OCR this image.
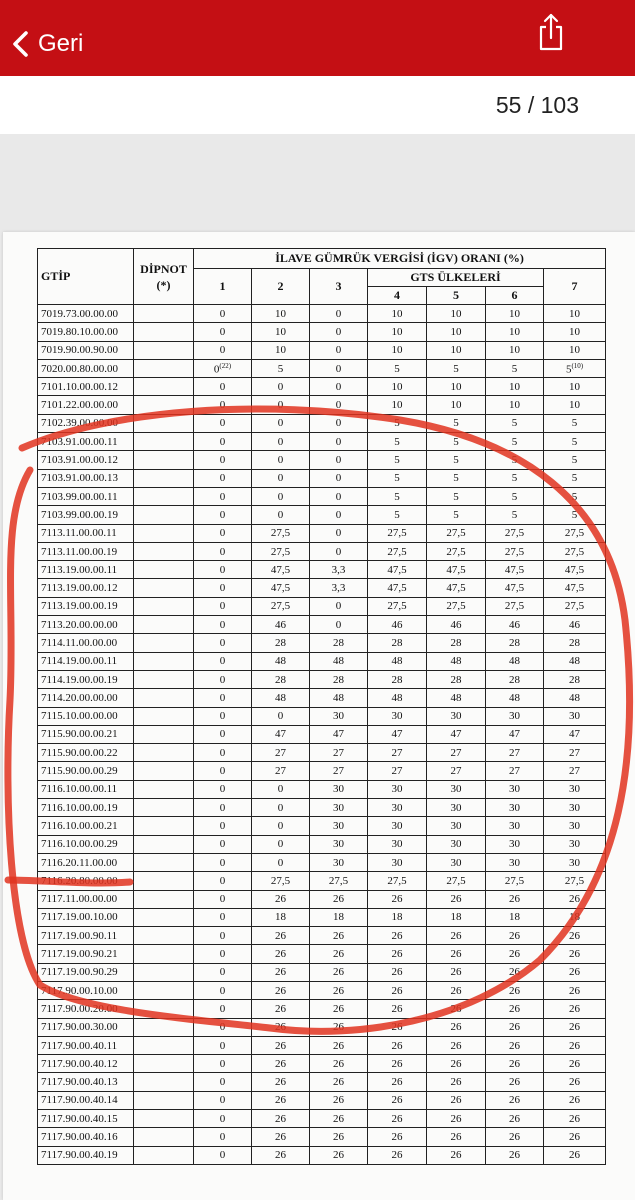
Geri
55 / 103
GTİP	DİPNOT (*)	İLAVE GÜMRÜK VERGİSİ (İGV) ORANI (%)						
		1	2	3	GTS ÜLKELERİ			7
					4	5	6	
7019.73.00.00.00		0	10	0	10	10	10	10
7019.80.10.00.00		0	10	0	10	10	10	10
7019.90.00.90.00		0	10	0	10	10	10	10
7020.00.80.00.00		0$^{(22)}$	5	0	5	5	5	5$^{(10)}$
7101.10.00.00.12		0	0	0	10	10	10	10
7101.22.00.00.00		0	0	0	10	10	10	10
7102.39.00.00.00		0	0	0	5	5	5	5
7103.91.00.00.11		0	0	0	5	5	5	5
7103.91.00.00.12		0	0	0	5	5	5	5
7103.91.00.00.13		0	0	0	5	5	5	5
7103.99.00.00.11		0	0	0	5	5	5	5
7103.99.00.00.19		0	0	0	5	5	5	5
7113.11.00.00.11		0	27,5	0	27,5	27,5	27,5	27,5
7113.11.00.00.19		0	27,5	0	27,5	27,5	27,5	27,5
7113.19.00.00.11		0	47,5	3,3	47,5	47,5	47,5	47,5
7113.19.00.00.12		0	47,5	3,3	47,5	47,5	47,5	47,5
7113.19.00.00.19		0	27,5	0	27,5	27,5	27,5	27,5
7113.20.00.00.00		0	46	0	46	46	46	46
7114.11.00.00.00		0	28	28	28	28	28	28
7114.19.00.00.11		0	48	48	48	48	48	48
7114.19.00.00.19		0	28	28	28	28	28	28
7114.20.00.00.00		0	48	48	48	48	48	48
7115.10.00.00.00		0	0	30	30	30	30	30
7115.90.00.00.21		0	47	47	47	47	47	47
7115.90.00.00.22		0	27	27	27	27	27	27
7115.90.00.00.29		0	27	27	27	27	27	27
7116.10.00.00.11		0	0	30	30	30	30	30
7116.10.00.00.19		0	0	30	30	30	30	30
7116.10.00.00.21		0	0	30	30	30	30	30
7116.10.00.00.29		0	0	30	30	30	30	30
7116.20.11.00.00		0	0	30	30	30	30	30
7116.20.80.00.00		0	27,5	27,5	27,5	27,5	27,5	27,5
7117.11.00.00.00		0	26	26	26	26	26	26
7117.19.00.10.00		0	18	18	18	18	18	18
7117.19.00.90.11		0	26	26	26	26	26	26
7117.19.00.90.21		0	26	26	26	26	26	26
7117.19.00.90.29		0	26	26	26	26	26	26
7117.90.00.10.00		0	26	26	26	26	26	26
7117.90.00.20.00		0	26	26	26	26	26	26
7117.90.00.30.00		0	26	26	26	26	26	26
7117.90.00.40.11		0	26	26	26	26	26	26
7117.90.00.40.12		0	26	26	26	26	26	26
7117.90.00.40.13		0	26	26	26	26	26	26
7117.90.00.40.14		0	26	26	26	26	26	26
7117.90.00.40.15		0	26	26	26	26	26	26
7117.90.00.40.16		0	26	26	26	26	26	26
7117.90.00.40.19		0	26	26	26	26	26	26
